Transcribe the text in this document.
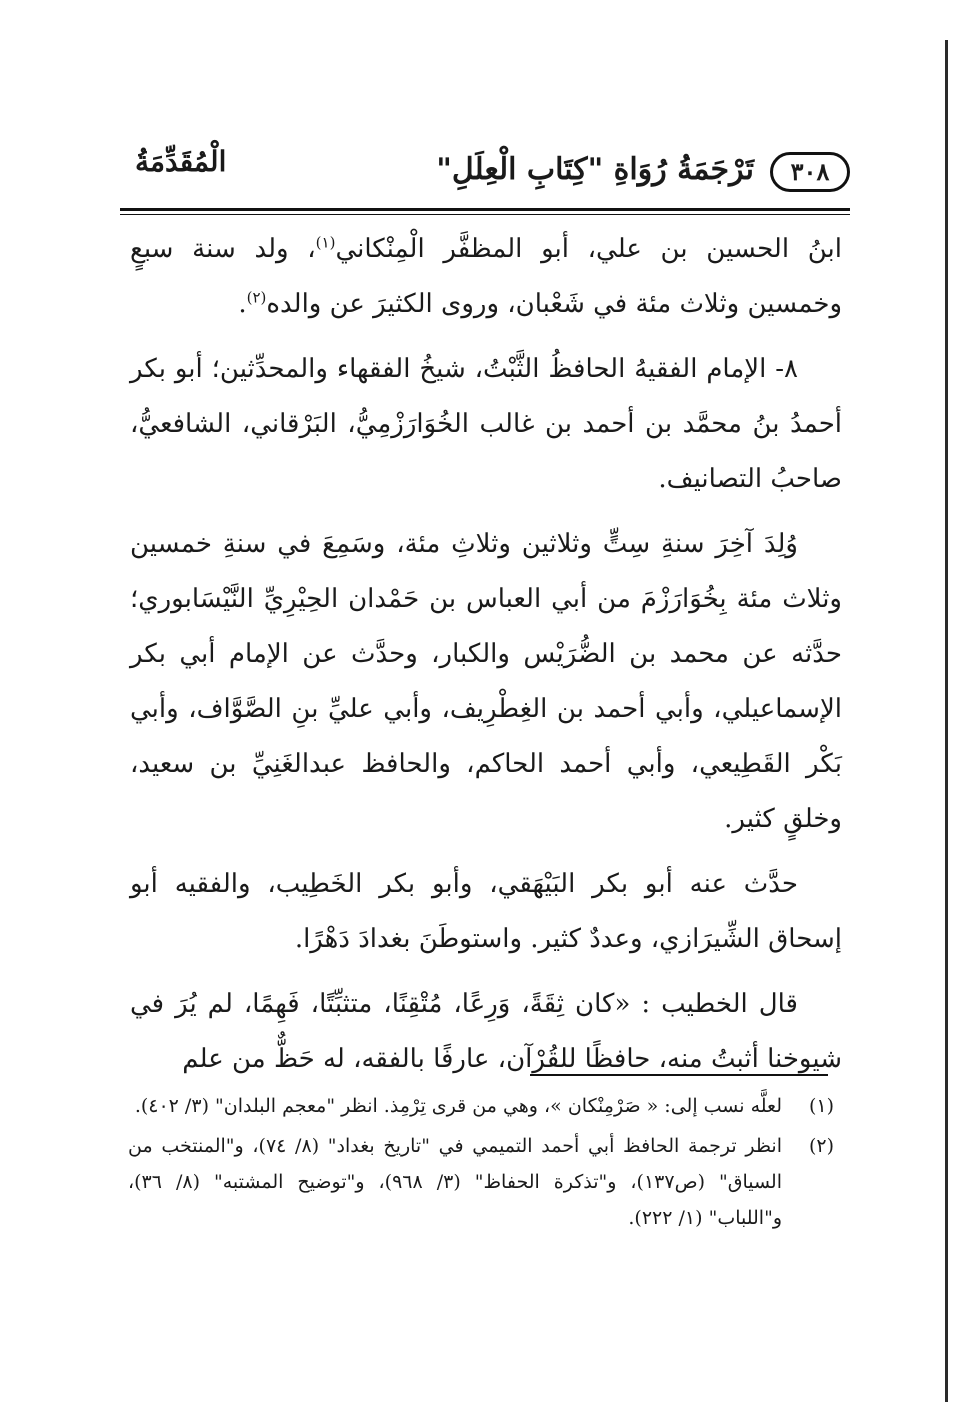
٣٠٨
تَرْجَمَةُ رُوَاةِ "كِتَابِ الْعِلَلِ"
الْمُقَدِّمَةُ

ابنُ الحسين بن علي، أبو المظفَّر الْمِنْكاني$^{(١)}$، ولد سنة سبعٍ وخمسين وثلاث مئة في شَعْبان، وروى الكثيرَ عن والده$^{(٢)}$.

٨- الإمام الفقيهُ الحافظُ الثَّبْتُ، شيخُ الفقهاء والمحدِّثين؛ أبو بكر أحمدُ بنُ محمَّد بن أحمد بن غالب الخُوَارَزْمِيُّ، البَرْقاني، الشافعيُّ، صاحبُ التصانيف.

وُلِدَ آخِرَ سنةِ سِتٍّ وثلاثين وثلاثِ مئة، وسَمِعَ في سنةِ خمسين وثلاث مئة بِخُوَارَزْمَ من أبي العباس بن حَمْدان الحِيْرِيِّ النَّيْسَابوري؛ حدَّثه عن محمد بن الضُّرَيْس والكبار، وحدَّث عن الإمام أبي بكر الإسماعيلي، وأبي أحمد بن الغِطْرِيف، وأبي عليِّ بنِ الصَّوَّاف، وأبي بَكْر القَطِيعي، وأبي أحمد الحاكم، والحافظ عبدالغَنِيِّ بن سعيد، وخلقٍ كثير.

حدَّث عنه أبو بكر البَيْهَقي، وأبو بكر الخَطِيب، والفقيه أبو إسحاق الشِّيرَازي، وعددٌ كثير. واستوطَنَ بغدادَ دَهْرًا.

قال الخطيب : «كان ثِقَةً، وَرِعًا، مُتْقِنًا، متثبِّتًا، فَهِمًا، لم يُرَ في شيوخنا أثبتُ منه، حافظًا للقُرْآن، عارفًا بالفقه، له حَظٌّ من علم

(١)
لعلَّه نسب إلى: « صَرْمِنْكان »، وهي من قرى تِرْمِذ. انظر "معجم البلدان" (٣/ ٤٠٢).
(٢)
انظر ترجمة الحافظ أبي أحمد التميمي في "تاريخ بغداد" (٨/ ٧٤)، و"المنتخب من السياق" (ص١٣٧)، و"تذكرة الحفاظ" (٣/ ٩٦٨)، و"توضيح المشتبه" (٨/ ٣٦)، و"اللباب" (١/ ٢٢٢).
